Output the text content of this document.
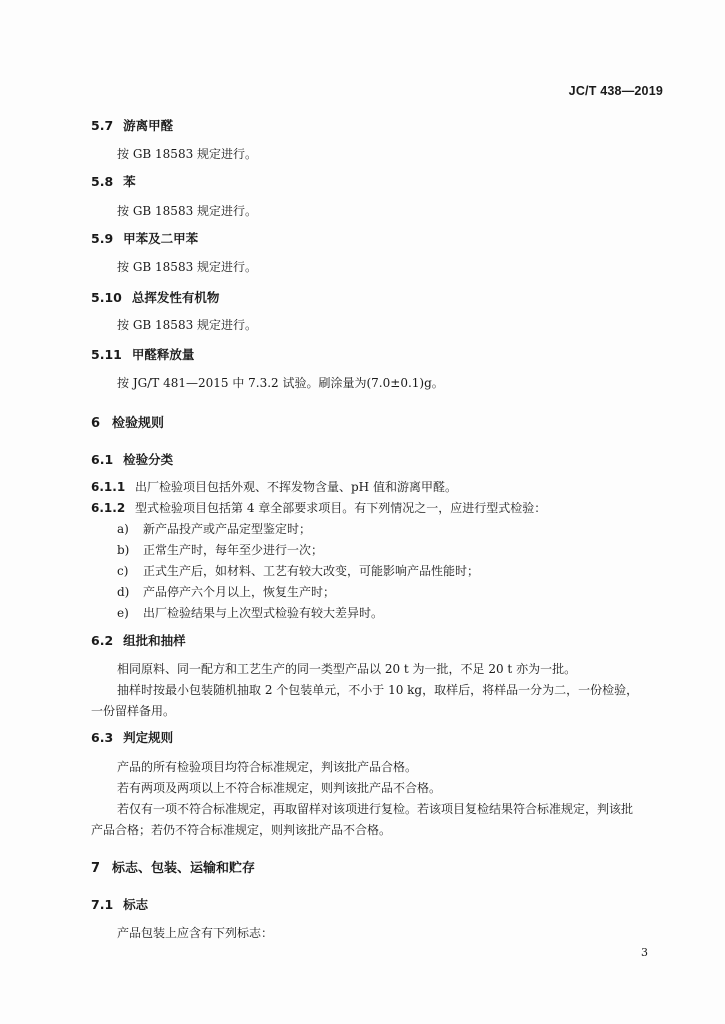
JC/T 438—2019
5.7 游离甲醛
按 GB 18583 规定进行。
5.8 苯
按 GB 18583 规定进行。
5.9 甲苯及二甲苯
按 GB 18583 规定进行。
5.10 总挥发性有机物
按 GB 18583 规定进行。
5.11 甲醛释放量
按 JG/T 481—2015 中 7.3.2 试验。刷涂量为(7.0±0.1)g。
6 检验规则
6.1 检验分类
6.1.1 出厂检验项目包括外观、不挥发物含量、pH 值和游离甲醛。
6.1.2 型式检验项目包括第 4 章全部要求项目。有下列情况之一，应进行型式检验：
a) 新产品投产或产品定型鉴定时；
b) 正常生产时，每年至少进行一次；
c) 正式生产后，如材料、工艺有较大改变，可能影响产品性能时；
d) 产品停产六个月以上，恢复生产时；
e) 出厂检验结果与上次型式检验有较大差异时。
6.2 组批和抽样
相同原料、同一配方和工艺生产的同一类型产品以 20 t 为一批，不足 20 t 亦为一批。
抽样时按最小包装随机抽取 2 个包装单元，不小于 10 kg，取样后，将样品一分为二，一份检验，
一份留样备用。
6.3 判定规则
产品的所有检验项目均符合标准规定，判该批产品合格。
若有两项及两项以上不符合标准规定，则判该批产品不合格。
若仅有一项不符合标准规定，再取留样对该项进行复检。若该项目复检结果符合标准规定，判该批
产品合格；若仍不符合标准规定，则判该批产品不合格。
7 标志、包装、运输和贮存
7.1 标志
产品包装上应含有下列标志：
3
